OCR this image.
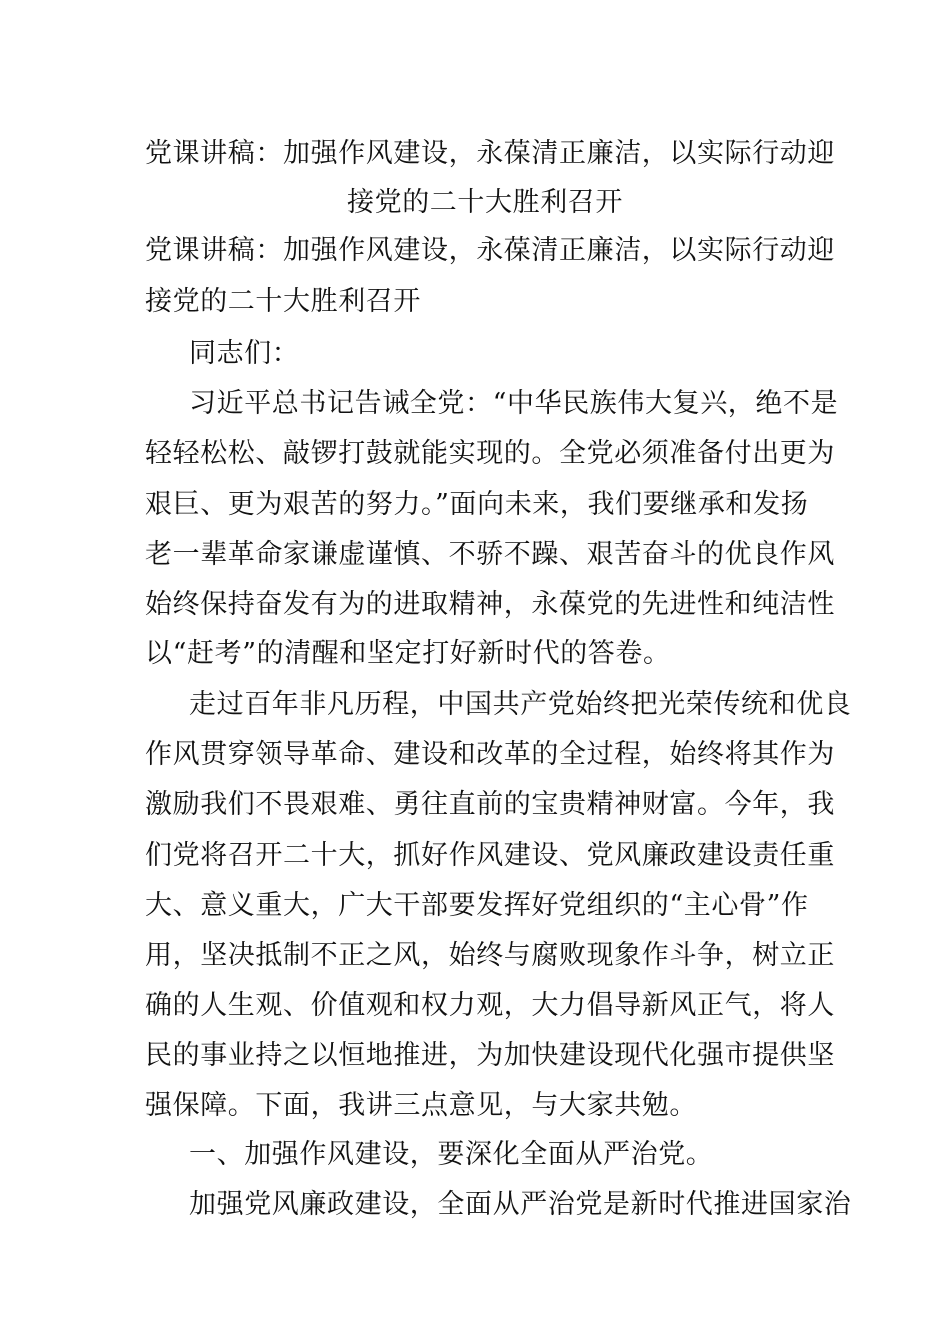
党课讲稿：加强作风建设，永葆清正廉洁，以实际行动迎
接党的二十大胜利召开
党课讲稿：加强作风建设，永葆清正廉洁，以实际行动迎
接党的二十大胜利召开
同志们：
习近平总书记告诫全党：“中华民族伟大复兴，绝不是
轻轻松松、敲锣打鼓就能实现的。全党必须准备付出更为
艰巨、更为艰苦的努力。”面向未来，我们要继承和发扬
老一辈革命家谦虚谨慎、不骄不躁、艰苦奋斗的优良作风
始终保持奋发有为的进取精神，永葆党的先进性和纯洁性
以“赶考”的清醒和坚定打好新时代的答卷。
走过百年非凡历程，中国共产党始终把光荣传统和优良
作风贯穿领导革命、建设和改革的全过程，始终将其作为
激励我们不畏艰难、勇往直前的宝贵精神财富。今年，我
们党将召开二十大，抓好作风建设、党风廉政建设责任重
大、意义重大，广大干部要发挥好党组织的“主心骨”作
用，坚决抵制不正之风，始终与腐败现象作斗争，树立正
确的人生观、价值观和权力观，大力倡导新风正气，将人
民的事业持之以恒地推进，为加快建设现代化强市提供坚
强保障。下面，我讲三点意见，与大家共勉。
一、加强作风建设，要深化全面从严治党。
加强党风廉政建设，全面从严治党是新时代推进国家治
